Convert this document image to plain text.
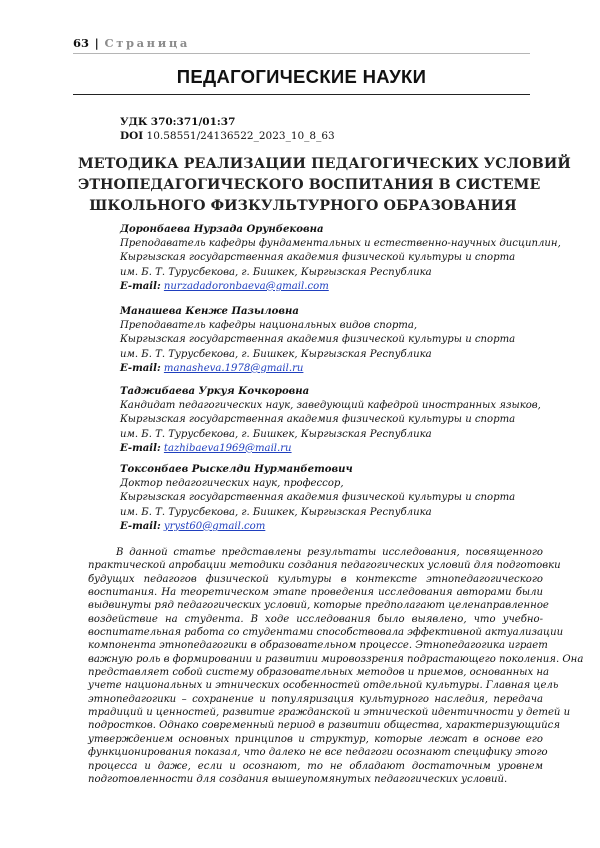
63 | Страница
ПЕДАГОГИЧЕСКИЕ НАУКИ
УДК 370:371/01:37
DOI 10.58551/24136522_2023_10_8_63
МЕТОДИКА РЕАЛИЗАЦИИ ПЕДАГОГИЧЕСКИХ УСЛОВИЙ
ЭТНОПЕДАГОГИЧЕСКОГО ВОСПИТАНИЯ В СИСТЕМЕ
ШКОЛЬНОГО ФИЗКУЛЬТУРНОГО ОБРАЗОВАНИЯ
Доронбаева Нурзада Орунбековна
Преподаватель кафедры фундаментальных и естественно-научных дисциплин,
Кыргызская государственная академия физической культуры и спорта
им. Б. Т. Турусбекова, г. Бишкек, Кыргызская Республика
E-mail: nurzadadoronbaeva@gmail.com
Манашева Кенже Пазыловна
Преподаватель кафедры национальных видов спорта,
Кыргызская государственная академия физической культуры и спорта
им. Б. Т. Турусбекова, г. Бишкек, Кыргызская Республика
E-mail: manasheva.1978@gmail.ru
Таджибаева Уркуя Кочкоровна
Кандидат педагогических наук, заведующий кафедрой иностранных языков,
Кыргызская государственная академия физической культуры и спорта
им. Б. Т. Турусбекова, г. Бишкек, Кыргызская Республика
E-mail: tazhibaeva1969@mail.ru
Токсонбаев Рыскелди Нурманбетович
Доктор педагогических наук, профессор,
Кыргызская государственная академия физической культуры и спорта
им. Б. Т. Турусбекова, г. Бишкек, Кыргызская Республика
E-mail: yryst60@gmail.com
В данной статье представлены результаты исследования, посвященного
практической апробации методики создания педагогических условий для подготовки
будущих педагогов физической культуры в контексте этнопедагогического
воспитания. На теоретическом этапе проведения исследования авторами были
выдвинуты ряд педагогических условий, которые предполагают целенаправленное
воздействие на студента. В ходе исследования было выявлено, что учебно-
воспитательная работа со студентами способствовала эффективной актуализации
компонента этнопедагогики в образовательном процессе. Этнопедагогика играет
важную роль в формировании и развитии мировоззрения подрастающего поколения. Она
представляет собой систему образовательных методов и приемов, основанных на
учете национальных и этнических особенностей отдельной культуры. Главная цель
этнопедагогики – сохранение и популяризация культурного наследия, передача
традиций и ценностей, развитие гражданской и этнической идентичности у детей и
подростков. Однако современный период в развитии общества, характеризующийся
утверждением основных принципов и структур, которые лежат в основе его
функционирования показал, что далеко не все педагоги осознают специфику этого
процесса и даже, если и осознают, то не обладают достаточным уровнем
подготовленности для создания вышеупомянутых педагогических условий.
